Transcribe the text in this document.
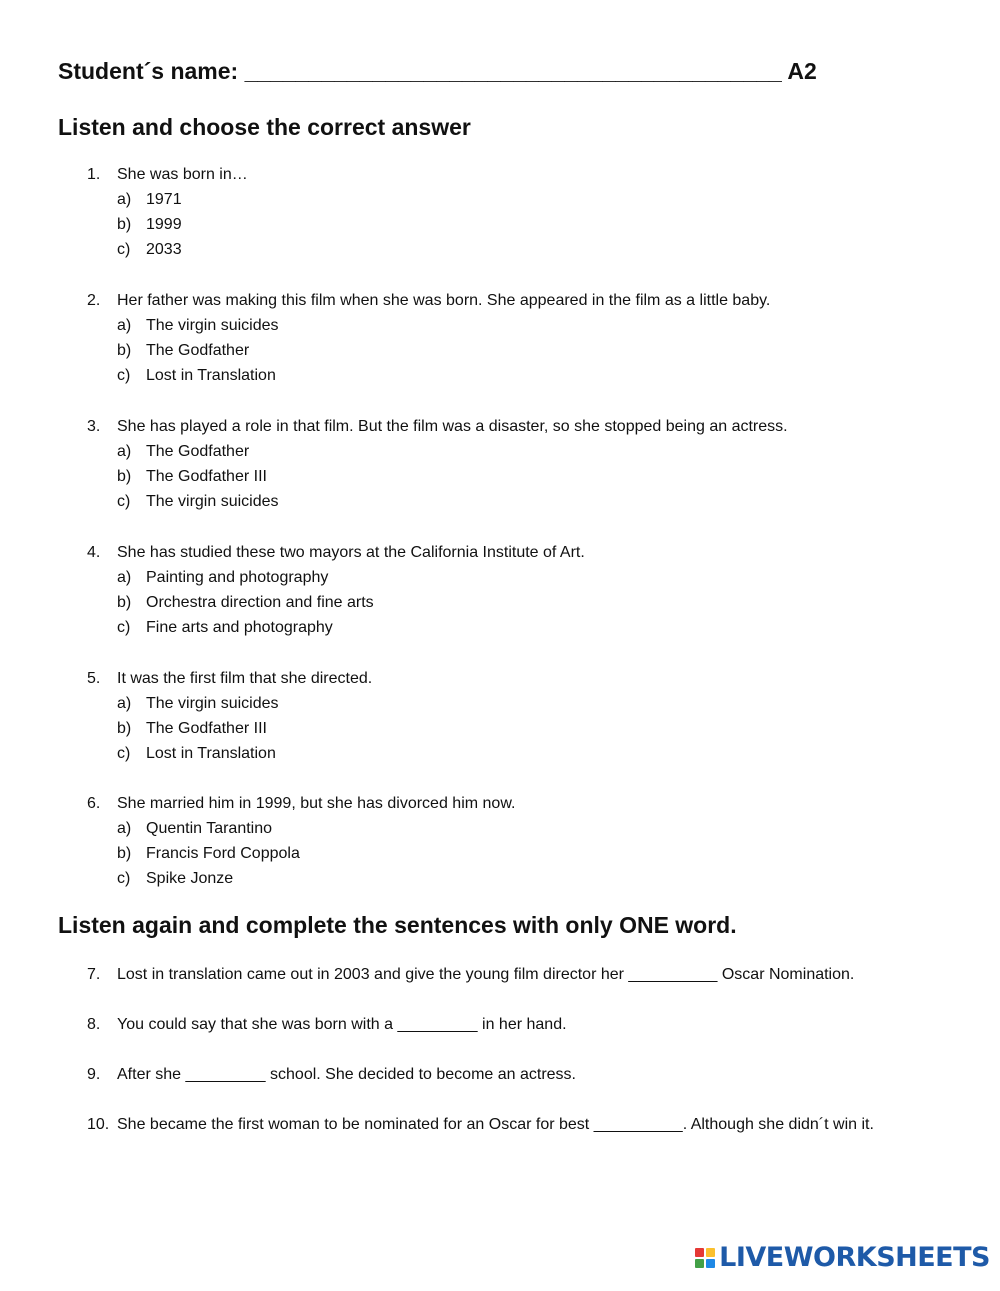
Student´s name: __________________________________________ A2
Listen and choose the correct answer
1. She was born in…
a) 1971
b) 1999
c) 2033
2. Her father was making this film when she was born. She appeared in the film as a little baby.
a) The virgin suicides
b) The Godfather
c) Lost in Translation
3. She has played a role in that film. But the film was a disaster, so she stopped being an actress.
a) The Godfather
b) The Godfather III
c) The virgin suicides
4. She has studied these two mayors at the California Institute of Art.
a) Painting and photography
b) Orchestra direction and fine arts
c) Fine arts and photography
5. It was the first film that she directed.
a) The virgin suicides
b) The Godfather III
c) Lost in Translation
6. She married him in 1999, but she has divorced him now.
a) Quentin Tarantino
b) Francis Ford Coppola
c) Spike Jonze
Listen again and complete the sentences with only ONE word.
7. Lost in translation came out in 2003 and give the young film director her __________ Oscar Nomination.
8. You could say that she was born with a _________ in her hand.
9. After she _________ school. She decided to become an actress.
10. She became the first woman to be nominated for an Oscar for best __________. Although she didn´t win it.
LIVEWORKSHEETS
